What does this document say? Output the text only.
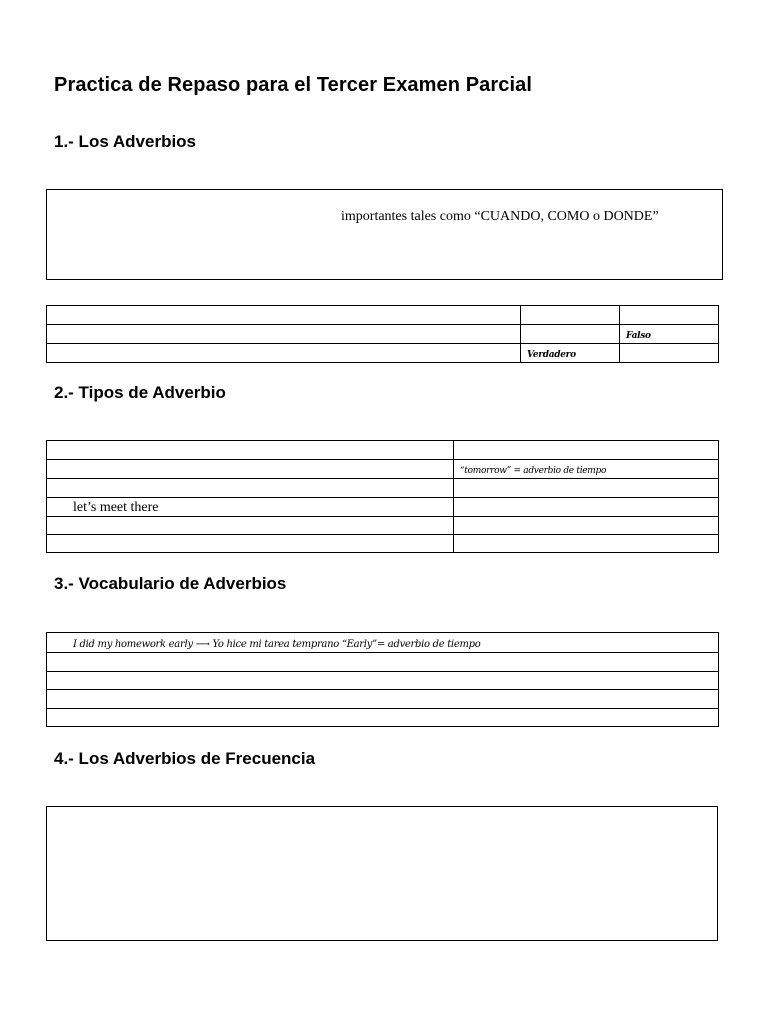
Practica de Repaso para el Tercer Examen Parcial
1.- Los Adverbios
importantes tales como “CUANDO, COMO o DONDE”

		Falso
	Verdadero	
2.- Tipos de Adverbio

	“tomorrow” = adverbio de tiempo

let’s meet there	

3.- Vocabulario de Adverbios
I did my homework early ⟶ Yo hice mi tarea temprano “Early”= adverbio de tiempo

4.- Los Adverbios de Frecuencia
